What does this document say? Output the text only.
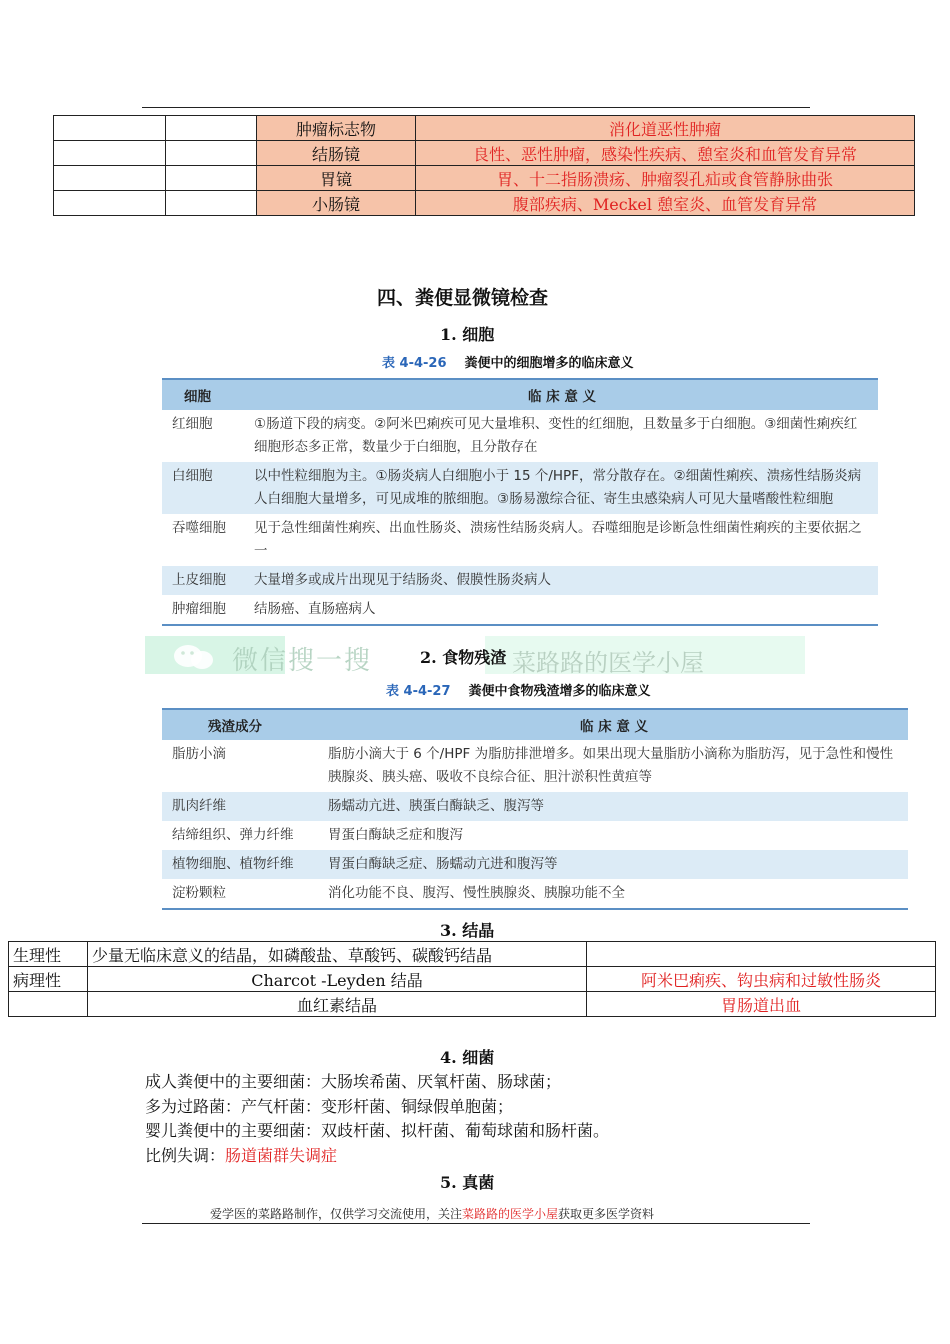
		肿瘤标志物	消化道恶性肿瘤
		结肠镜	良性、恶性肿瘤，感染性疾病、憩室炎和血管发育异常
		胃镜	胃、十二指肠溃疡、肿瘤裂孔疝或食管静脉曲张
		小肠镜	腹部疾病、Meckel 憩室炎、血管发育异常
四、粪便显微镜检查
1. 细胞
表 4-4-26 粪便中的细胞增多的临床意义
细胞	临 床 意 义
红细胞	①肠道下段的病变。②阿米巴痢疾可见大量堆积、变性的红细胞，且数量多于白细胞。③细菌性痢疾红细胞形态多正常，数量少于白细胞，且分散存在
白细胞	以中性粒细胞为主。①肠炎病人白细胞小于 15 个/HPF，常分散存在。②细菌性痢疾、溃疡性结肠炎病人白细胞大量增多，可见成堆的脓细胞。③肠易激综合征、寄生虫感染病人可见大量嗜酸性粒细胞
吞噬细胞	见于急性细菌性痢疾、出血性肠炎、溃疡性结肠炎病人。吞噬细胞是诊断急性细菌性痢疾的主要依据之一
上皮细胞	大量增多或成片出现见于结肠炎、假膜性肠炎病人
肿瘤细胞	结肠癌、直肠癌病人
微信搜一搜	菜路路的医学小屋
2. 食物残渣
表 4-4-27 粪便中食物残渣增多的临床意义
残渣成分	临 床 意 义
脂肪小滴	脂肪小滴大于 6 个/HPF 为脂肪排泄增多。如果出现大量脂肪小滴称为脂肪泻，见于急性和慢性胰腺炎、胰头癌、吸收不良综合征、胆汁淤积性黄疸等
肌肉纤维	肠蠕动亢进、胰蛋白酶缺乏、腹泻等
结缔组织、弹力纤维	胃蛋白酶缺乏症和腹泻
植物细胞、植物纤维	胃蛋白酶缺乏症、肠蠕动亢进和腹泻等
淀粉颗粒	消化功能不良、腹泻、慢性胰腺炎、胰腺功能不全
3. 结晶
生理性	少量无临床意义的结晶，如磷酸盐、草酸钙、碳酸钙结晶	
病理性	Charcot -Leyden 结晶	阿米巴痢疾、钩虫病和过敏性肠炎
	血红素结晶	胃肠道出血
4. 细菌
成人粪便中的主要细菌：大肠埃希菌、厌氧杆菌、肠球菌；
多为过路菌：产气杆菌：变形杆菌、铜绿假单胞菌；
婴儿粪便中的主要细菌：双歧杆菌、拟杆菌、葡萄球菌和肠杆菌。
比例失调：肠道菌群失调症
5. 真菌
爱学医的菜路路制作，仅供学习交流使用，关注菜路路的医学小屋获取更多医学资料
